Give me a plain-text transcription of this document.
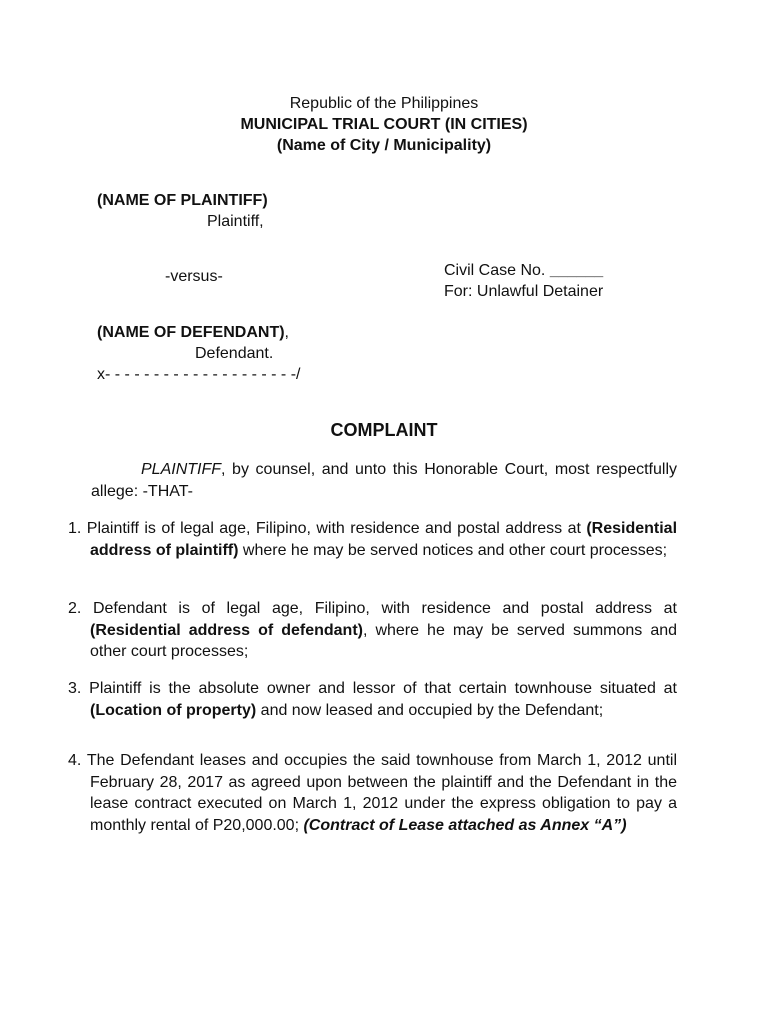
Republic of the Philippines
MUNICIPAL TRIAL COURT (IN CITIES)
(Name of City / Municipality)
(NAME OF PLAINTIFF)
Plaintiff,
-versus-	Civil Case No. ______
For: Unlawful Detainer
(NAME OF DEFENDANT),
Defendant.
x- - - - - - - - - - - - - - - - - - - -/
COMPLAINT
PLAINTIFF, by counsel, and unto this Honorable Court, most respectfully allege: -THAT-
1. Plaintiff is of legal age, Filipino, with residence and postal address at (Residential address of plaintiff) where he may be served notices and other court processes;
2. Defendant is of legal age, Filipino, with residence and postal address at (Residential address of defendant), where he may be served summons and other court processes;
3. Plaintiff is the absolute owner and lessor of that certain townhouse situated at (Location of property) and now leased and occupied by the Defendant;
4. The Defendant leases and occupies the said townhouse from March 1, 2012 until February 28, 2017 as agreed upon between the plaintiff and the Defendant in the lease contract executed on March 1, 2012 under the express obligation to pay a monthly rental of P20,000.00; (Contract of Lease attached as Annex “A”)
